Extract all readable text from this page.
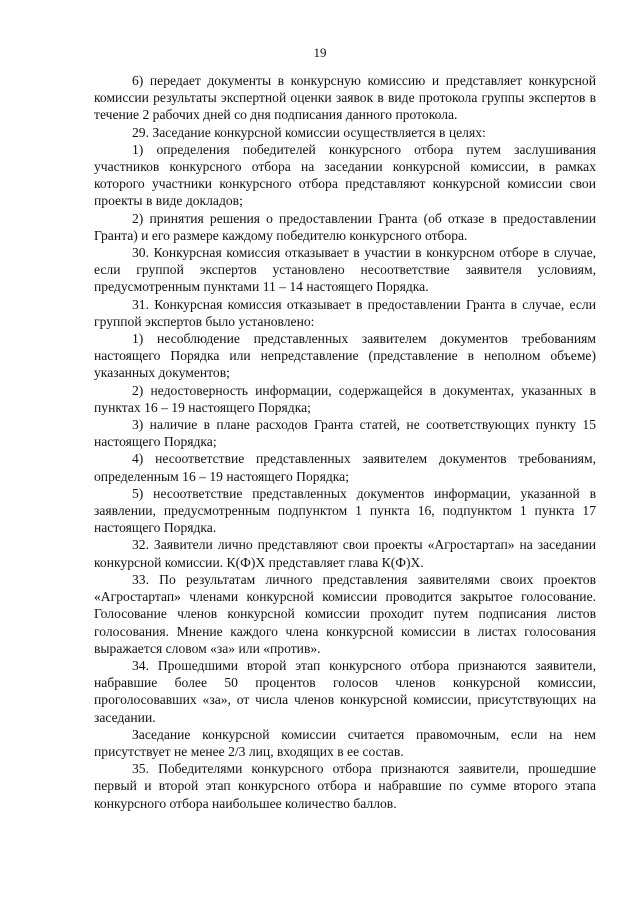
19

6) передает документы в конкурсную комиссию и представляет конкурсной комиссии результаты экспертной оценки заявок в виде протокола группы экспертов в течение 2 рабочих дней со дня подписания данного протокола.

29. Заседание конкурсной комиссии осуществляется в целях:

1) определения победителей конкурсного отбора путем заслушивания участников конкурсного отбора на заседании конкурсной комиссии, в рамках которого участники конкурсного отбора представляют конкурсной комиссии свои проекты в виде докладов;

2) принятия решения о предоставлении Гранта (об отказе в предоставлении Гранта) и его размере каждому победителю конкурсного отбора.

30. Конкурсная комиссия отказывает в участии в конкурсном отборе в случае, если группой экспертов установлено несоответствие заявителя условиям, предусмотренным пунктами 11 – 14 настоящего Порядка.

31. Конкурсная комиссия отказывает в предоставлении Гранта в случае, если группой экспертов было установлено:

1) несоблюдение представленных заявителем документов требованиям настоящего Порядка или непредставление (представление в неполном объеме) указанных документов;

2) недостоверность информации, содержащейся в документах, указанных в пунктах 16 – 19 настоящего Порядка;

3) наличие в плане расходов Гранта статей, не соответствующих пункту 15 настоящего Порядка;

4) несоответствие представленных заявителем документов требованиям, определенным 16 – 19 настоящего Порядка;

5) несоответствие представленных документов информации, указанной в заявлении, предусмотренным подпунктом 1 пункта 16, подпунктом 1 пункта 17 настоящего Порядка.

32. Заявители лично представляют свои проекты «Агростартап» на заседании конкурсной комиссии. К(Ф)Х представляет глава К(Ф)Х.

33. По результатам личного представления заявителями своих проектов «Агростартап» членами конкурсной комиссии проводится закрытое голосование. Голосование членов конкурсной комиссии проходит путем подписания листов голосования. Мнение каждого члена конкурсной комиссии в листах голосования выражается словом «за» или «против».

34. Прошедшими второй этап конкурсного отбора признаются заявители, набравшие более 50 процентов голосов членов конкурсной комиссии, проголосовавших «за», от числа членов конкурсной комиссии, присутствующих на заседании.

Заседание конкурсной комиссии считается правомочным, если на нем присутствует не менее 2/3 лиц, входящих в ее состав.

35. Победителями конкурсного отбора признаются заявители, прошедшие первый и второй этап конкурсного отбора и набравшие по сумме второго этапа конкурсного отбора наибольшее количество баллов.
